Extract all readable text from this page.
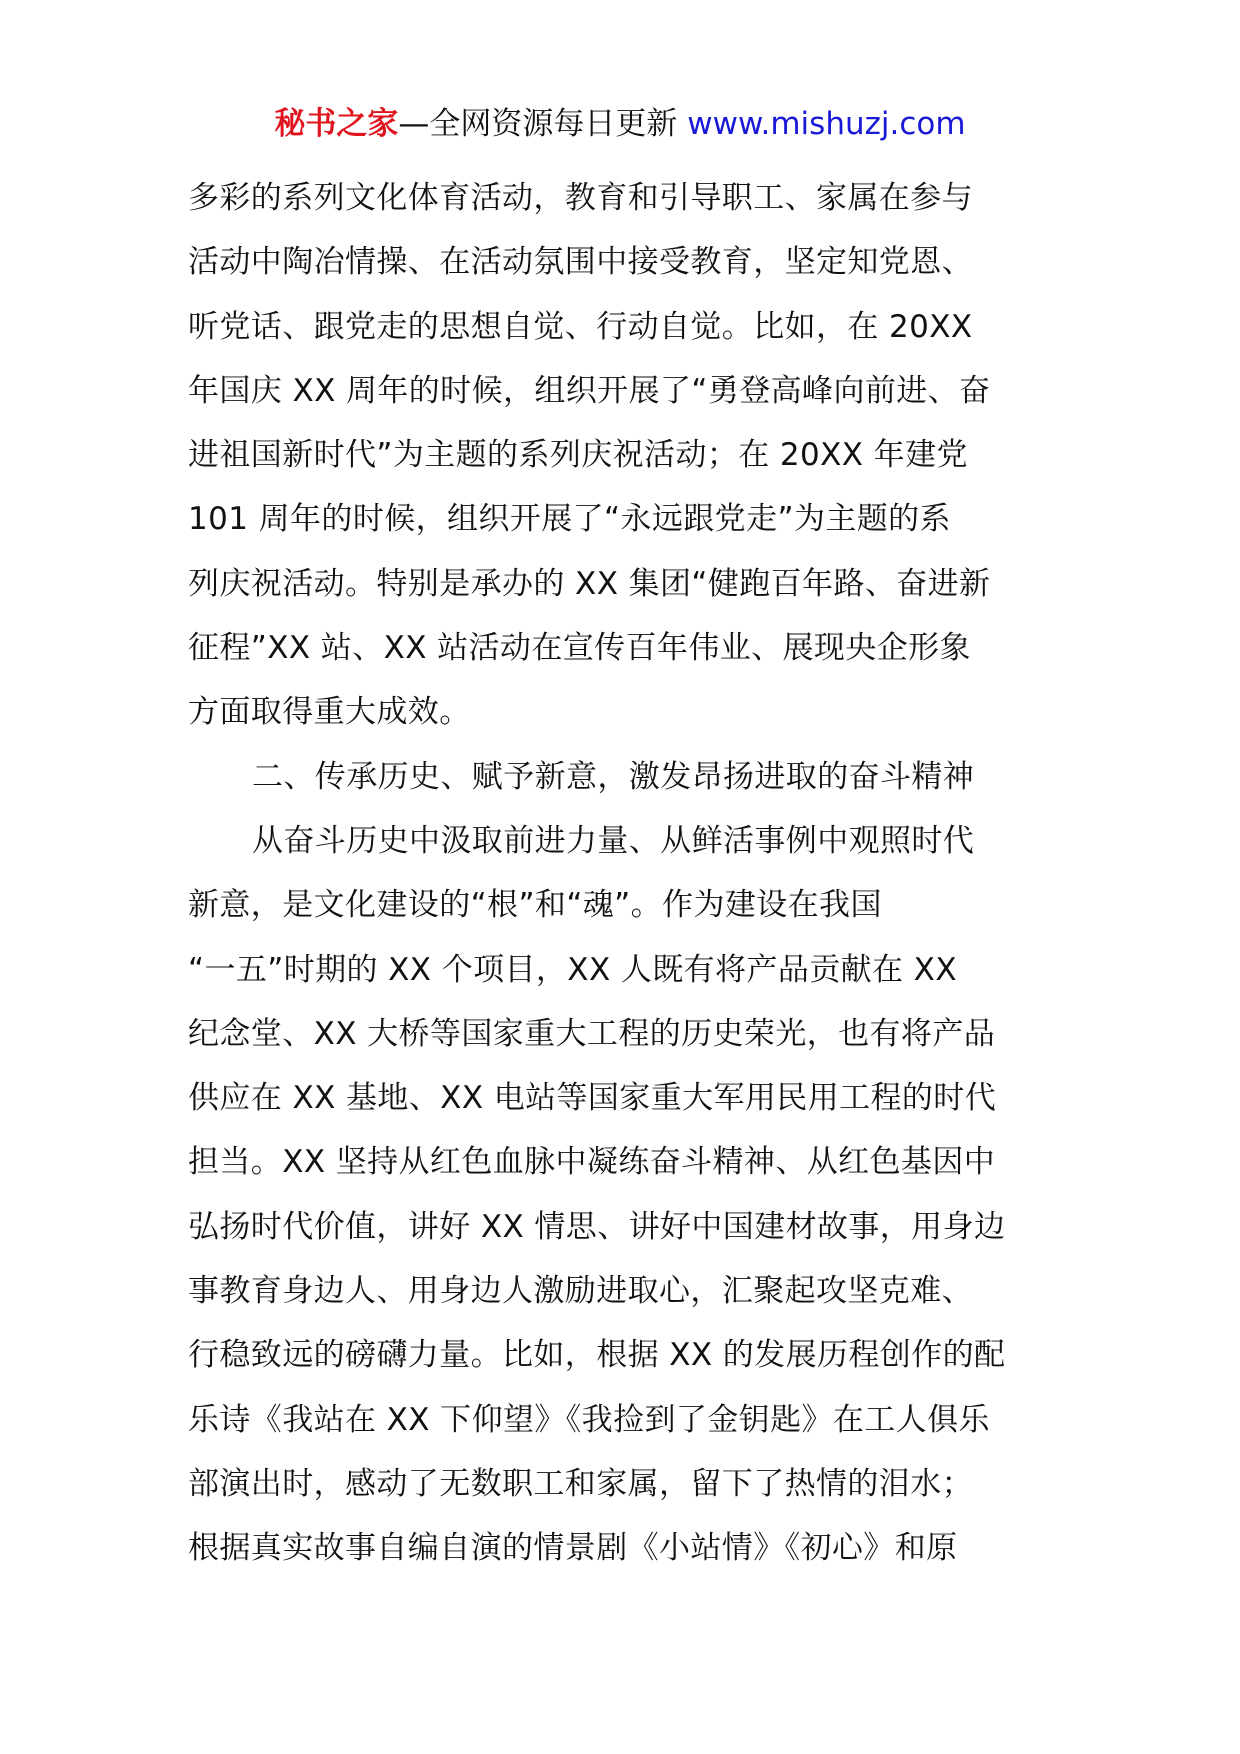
秘书之家—全网资源每日更新 www.mishuzj.com
多彩的系列文化体育活动，教育和引导职工、家属在参与
活动中陶冶情操、在活动氛围中接受教育，坚定知党恩、
听党话、跟党走的思想自觉、行动自觉。比如，在 20XX
年国庆 XX 周年的时候，组织开展了“勇登高峰向前进、奋
进祖国新时代”为主题的系列庆祝活动；在 20XX 年建党
101 周年的时候，组织开展了“永远跟党走”为主题的系
列庆祝活动。特别是承办的 XX 集团“健跑百年路、奋进新
征程”XX 站、XX 站活动在宣传百年伟业、展现央企形象
方面取得重大成效。
二、传承历史、赋予新意，激发昂扬进取的奋斗精神
从奋斗历史中汲取前进力量、从鲜活事例中观照时代
新意，是文化建设的“根”和“魂”。作为建设在我国
“一五”时期的 XX 个项目，XX 人既有将产品贡献在 XX
纪念堂、XX 大桥等国家重大工程的历史荣光，也有将产品
供应在 XX 基地、XX 电站等国家重大军用民用工程的时代
担当。XX 坚持从红色血脉中凝练奋斗精神、从红色基因中
弘扬时代价值，讲好 XX 情思、讲好中国建材故事，用身边
事教育身边人、用身边人激励进取心，汇聚起攻坚克难、
行稳致远的磅礴力量。比如，根据 XX 的发展历程创作的配
乐诗《我站在 XX 下仰望》《我捡到了金钥匙》在工人俱乐
部演出时，感动了无数职工和家属，留下了热情的泪水；
根据真实故事自编自演的情景剧《小站情》《初心》和原
